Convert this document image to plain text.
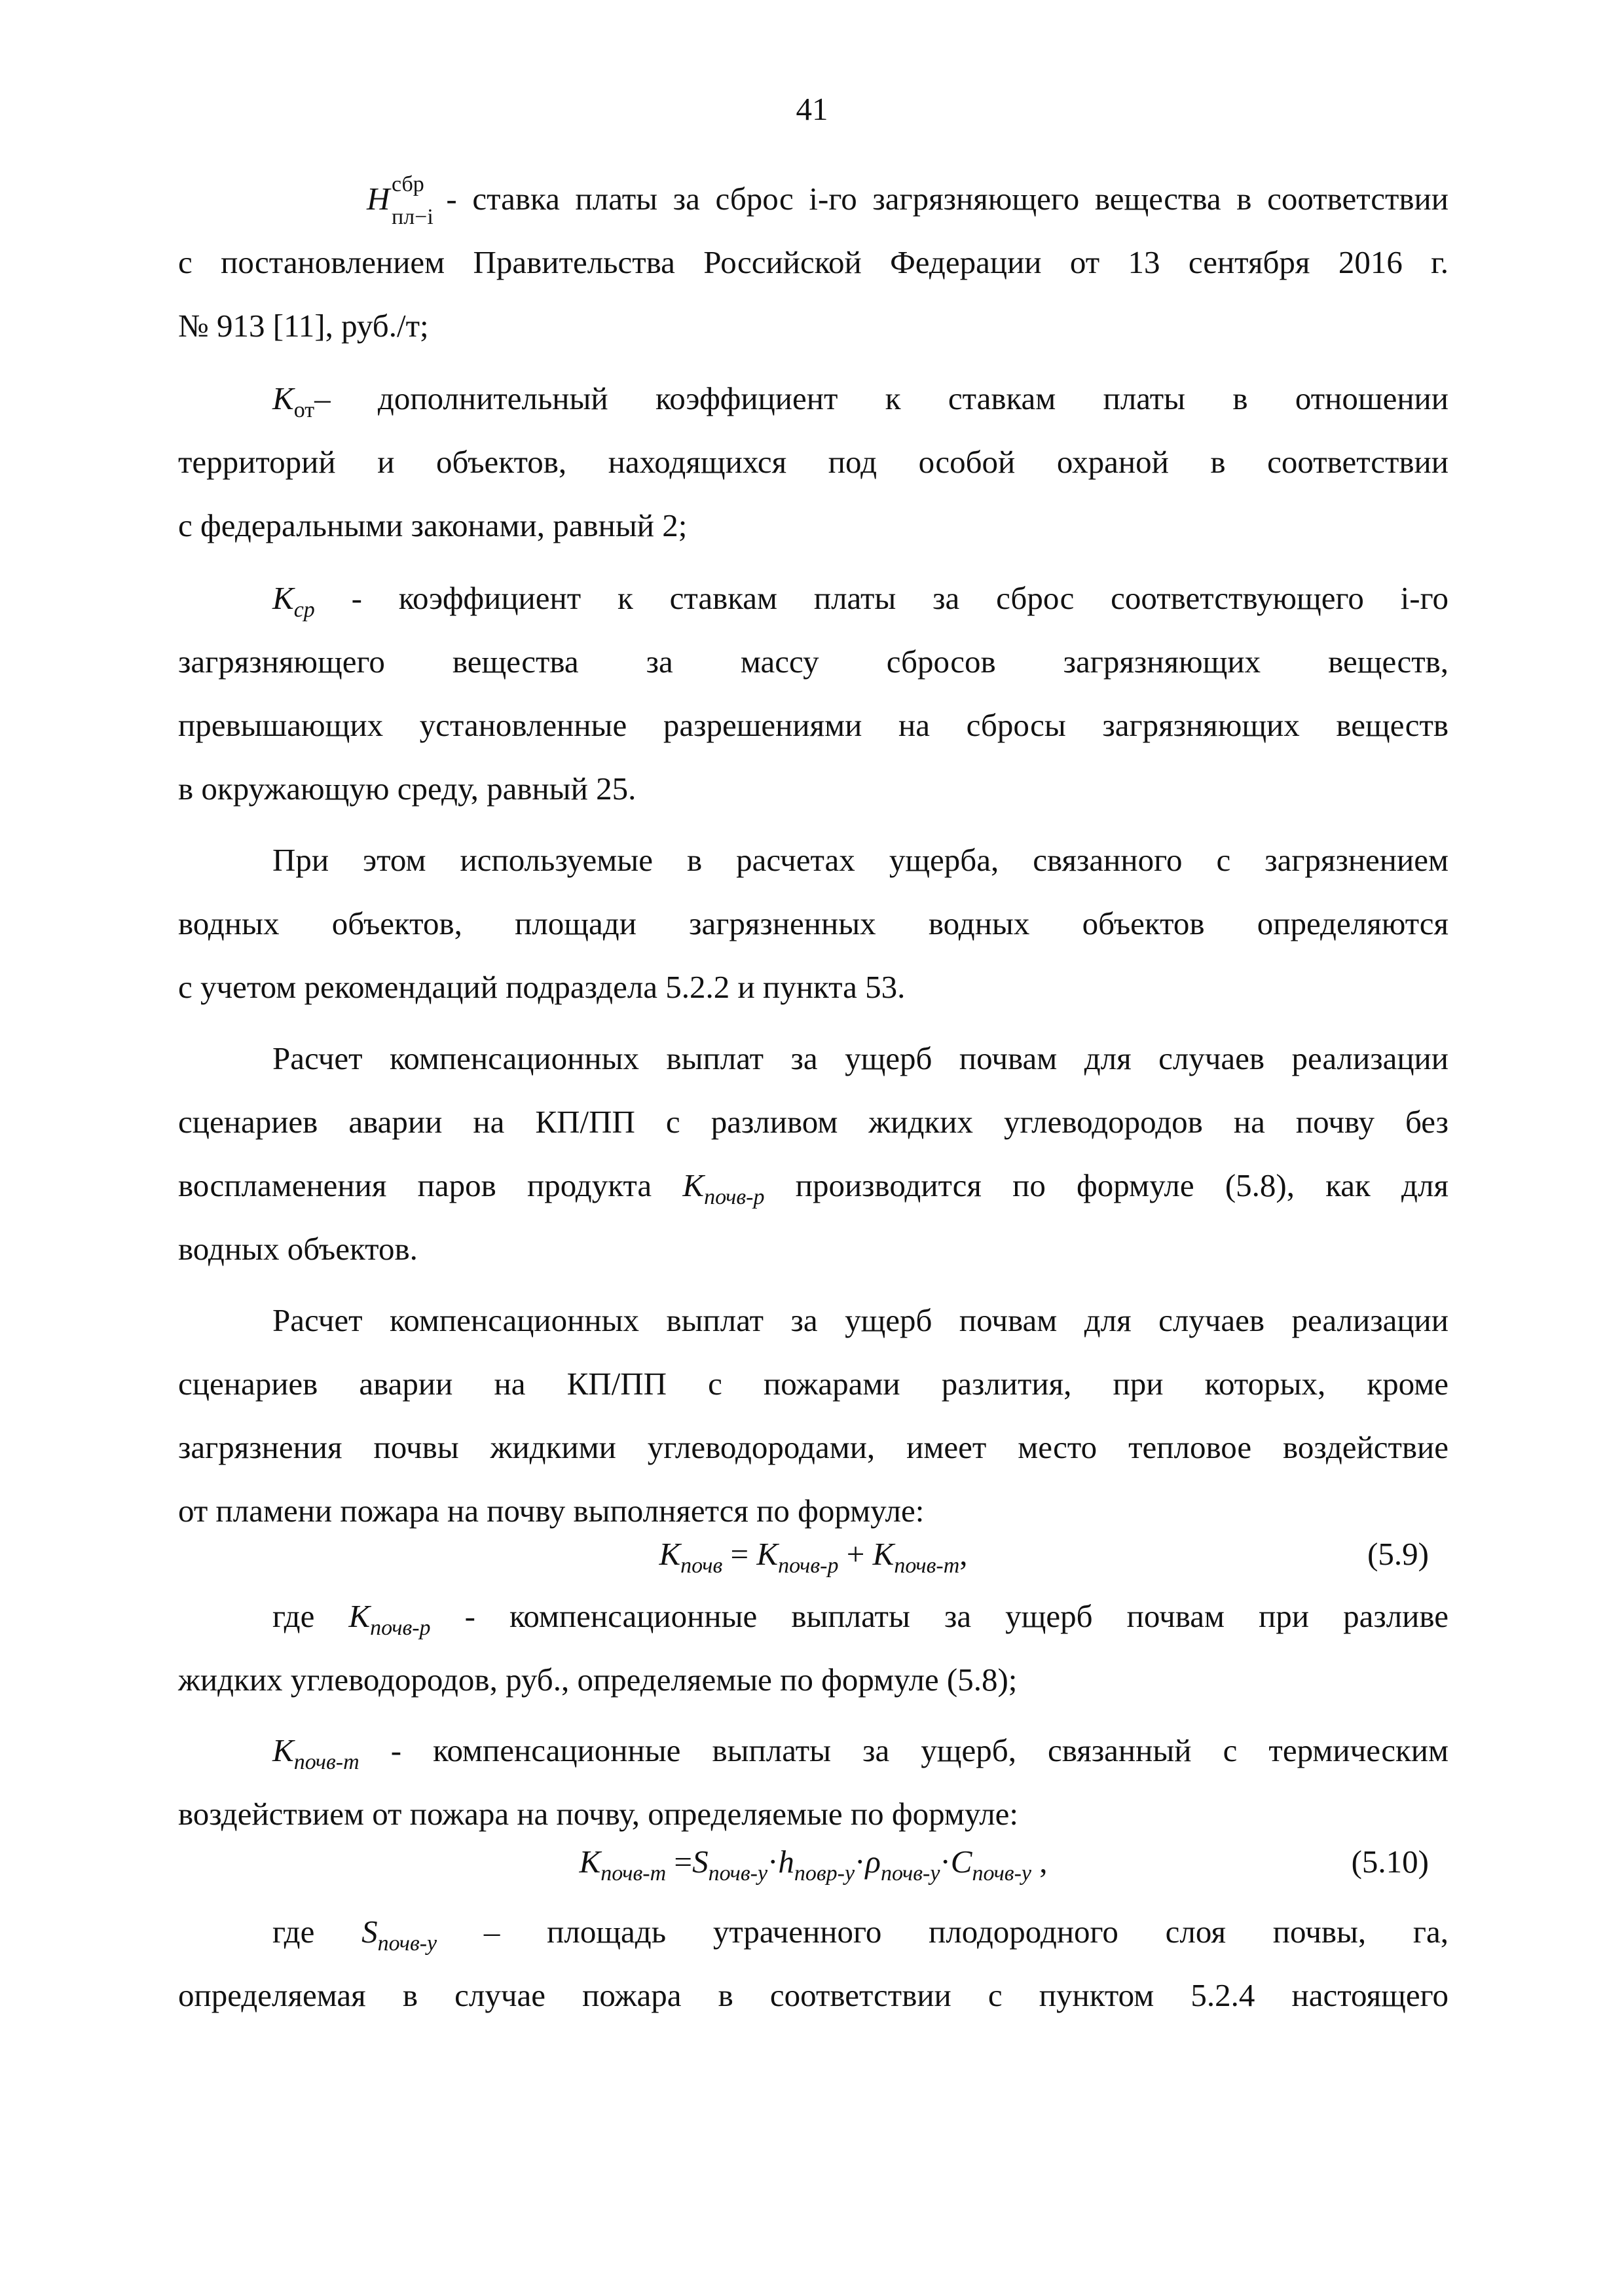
41
H сбр
пл−i
- ставка платы за сброс i-го загрязняющего вещества в соответствии
с постановлением Правительства Российской Федерации от 13 сентября 2016 г.
№ 913 [11], руб./т;
$K_{от}-$ дополнительный коэффициент к ставкам платы в отношении
территорий и объектов, находящихся под особой охраной в соответствии
с федеральными законами, равный 2;
$K_{ср}$ - коэффициент к ставкам платы за сброс соответствующего i-го
загрязняющего вещества за массу сбросов загрязняющих веществ,
превышающих установленные разрешениями на сбросы загрязняющих веществ
в окружающую среду, равный 25.
При этом используемые в расчетах ущерба, связанного с загрязнением
водных объектов, площади загрязненных водных объектов определяются
с учетом рекомендаций подраздела 5.2.2 и пункта 53.
Расчет компенсационных выплат за ущерб почвам для случаев реализации
сценариев аварии на КП/ПП с разливом жидких углеводородов на почву без
воспламенения паров продукта $K_{почв-р}$ производится по формуле (5.8), как для
водных объектов.
Расчет компенсационных выплат за ущерб почвам для случаев реализации
сценариев аварии на КП/ПП с пожарами разлития, при которых, кроме
загрязнения почвы жидкими углеводородами, имеет место тепловое воздействие
от пламени пожара на почву выполняется по формуле:
$K_{почв} = K_{почв-р} + K_{почв-т}$,	(5.9)
где $K_{почв-р}$ - компенсационные выплаты за ущерб почвам при разливе
жидких углеводородов, руб., определяемые по формуле (5.8);
$K_{почв-т}$ - компенсационные выплаты за ущерб, связанный с термическим
воздействием от пожара на почву, определяемые по формуле:
$K_{почв-т} =S_{почв-у}\cdot h_{повр-у}\cdot\rho_{почв-у}\cdot C_{почв-у}$ ,	(5.10)
где $S_{почв-у}$ – площадь утраченного плодородного слоя почвы, га,
определяемая в случае пожара в соответствии с пунктом 5.2.4 настоящего
